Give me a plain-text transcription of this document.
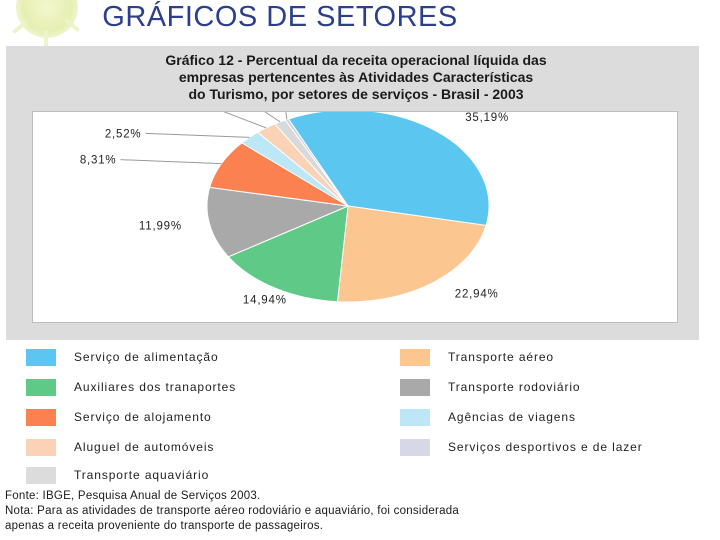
GRÁFICOS DE SETORES
Gráfico 12 - Percentual da receita operacional líquida das
empresas pertencentes às Atividades Características
do Turismo, por setores de serviços - Brasil - 2003
35,19%
22,94%
14,94%
11,99%
8,31%
2,52%
Serviço de alimentação
Auxiliares dos tranaportes
Serviço de alojamento
Aluguel de automóveis
Transporte aquaviário
Transporte aéreo
Transporte rodoviário
Agências de viagens
Serviços desportivos e de lazer
Fonte: IBGE, Pesquisa Anual de Serviços 2003.
Nota: Para as atividades de transporte aéreo rodoviário e aquaviário, foi considerada
apenas a receita proveniente do transporte de passageiros.
